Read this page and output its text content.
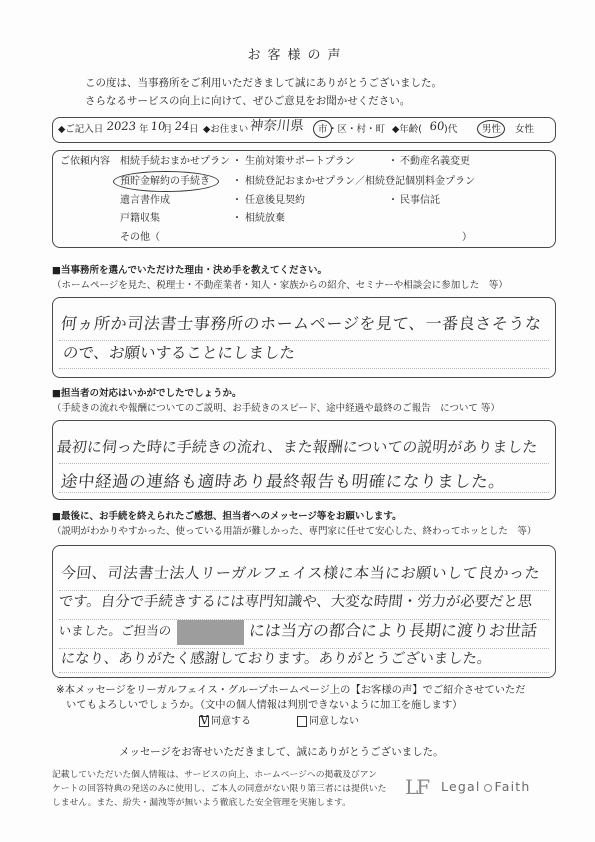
お客様の声
この度は、当事務所をご利用いただきまして誠にありがとうございました。
さらなるサービスの向上に向けて、ぜひご意見をお聞かせください。
◆ご記入日 2023 年 10
月 24
日 ◆お住まい 神奈川県 市 ・区・村・町 ◆年齢( 60
)代	男性 女性
ご依頼内容 相続手続おまかせプラン ・ 生前対策サポートプラン	・ 不動産名義変更
預貯金解約の手続き ・ 相続登記おまかせプラン／相続登記個別料金プラン
遺言書作成	・ 任意後見契約	・ 民事信託
戸籍収集	・ 相続放棄
その他（	）
■当事務所を選んでいただけた理由・決め手を教えてください。
（ホームページを見た、税理士・不動産業者・知人・家族からの紹介、セミナーや相談会に参加した　等）
何ヵ所か司法書士事務所のホームページを見て、一番良さそうな
ので、お願いすることにしました
■担当者の対応はいかがでしたでしょうか。
（手続きの流れや報酬についてのご説明、お手続きのスピード、途中経過や最終のご報告　について 等）
最初に伺った時に手続きの流れ、また報酬についての説明がありました
途中経過の連絡も適時あり最終報告も明確になりました。
■最後に、お手続を終えられたご感想、担当者へのメッセージ等をお願いします。
（説明がわかりやすかった、使っている用語が難しかった、専門家に任せて安心した、終わってホッとした　等）
今回、司法書士法人リーガルフェイス様に本当にお願いして良かった
です。自分で手続きするには専門知識や、大変な時間・労力が必要だと思
いました。ご担当の	には当方の都合により長期に渡りお世話
になり、ありがたく感謝しております。ありがとうございました。
※本メッセージをリーガルフェイス・グループホームページ上の【お客様の声】でご紹介させていただ
いてもよろしいでしょうか。（文中の個人情報は判別できないように加工を施します）
V 同意する	同意しない
メッセージをお寄せいただきまして、誠にありがとうございました。
記載していただいた個人情報は、サービスの向上、ホームページへの掲載及びアン
ケートの回答特典の発送のみに使用し、ご本人の同意がない限り第三者には提供いた
しません。また、紛失・漏洩等が無いよう徹底した安全管理を実施します。
LF Legal Faith
